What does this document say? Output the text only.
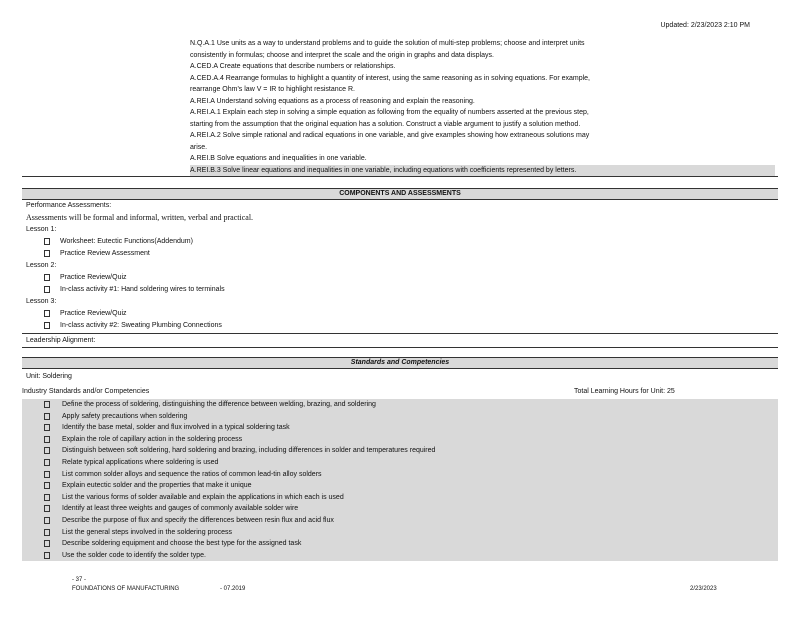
Updated: 2/23/2023 2:10 PM
N.Q.A.1 Use units as a way to understand problems and to guide the solution of multi-step problems; choose and interpret units
consistently in formulas; choose and interpret the scale and the origin in graphs and data displays.
A.CED.A Create equations that describe numbers or relationships.
A.CED.A.4 Rearrange formulas to highlight a quantity of interest, using the same reasoning as in solving equations. For example,
rearrange Ohm's law V = IR to highlight resistance R.
A.REI.A Understand solving equations as a process of reasoning and explain the reasoning.
A.REI.A.1 Explain each step in solving a simple equation as following from the equality of numbers asserted at the previous step,
starting from the assumption that the original equation has a solution. Construct a viable argument to justify a solution method.
A.REI.A.2 Solve simple rational and radical equations in one variable, and give examples showing how extraneous solutions may
arise.
A.REI.B Solve equations and inequalities in one variable.
A.REI.B.3 Solve linear equations and inequalities in one variable, including equations with coefficients represented by letters.
COMPONENTS AND ASSESSMENTS
Performance Assessments:
Assessments will be formal and informal, written, verbal and practical.
Lesson 1:
Worksheet: Eutectic Functions(Addendum)
Practice Review Assessment
Lesson 2:
Practice Review/Quiz
In-class activity #1: Hand soldering wires to terminals
Lesson 3:
Practice Review/Quiz
In-class activity #2: Sweating Plumbing Connections
Leadership Alignment:
Standards and Competencies
Unit: Soldering
Industry Standards and/or Competencies	Total Learning Hours for Unit: 25
Define the process of soldering, distinguishing the difference between welding, brazing, and soldering
Apply safety precautions when soldering
Identify the base metal, solder and flux involved in a typical soldering task
Explain the role of capillary action in the soldering process
Distinguish between soft soldering, hard soldering and brazing, including differences in solder and temperatures required
Relate typical applications where soldering is used
List common solder alloys and sequence the ratios of common lead-tin alloy solders
Explain eutectic solder and the properties that make it unique
List the various forms of solder available and explain the applications in which each is used
Identify at least three weights and gauges of commonly available solder wire
Describe the purpose of flux and specify the differences between resin flux and acid flux
List the general steps involved in the soldering process
Describe soldering equipment and choose the best type for the assigned task
Use the solder code to identify the solder type.
- 37 -
FOUNDATIONS OF MANUFACTURING	- 07.2019	2/23/2023
